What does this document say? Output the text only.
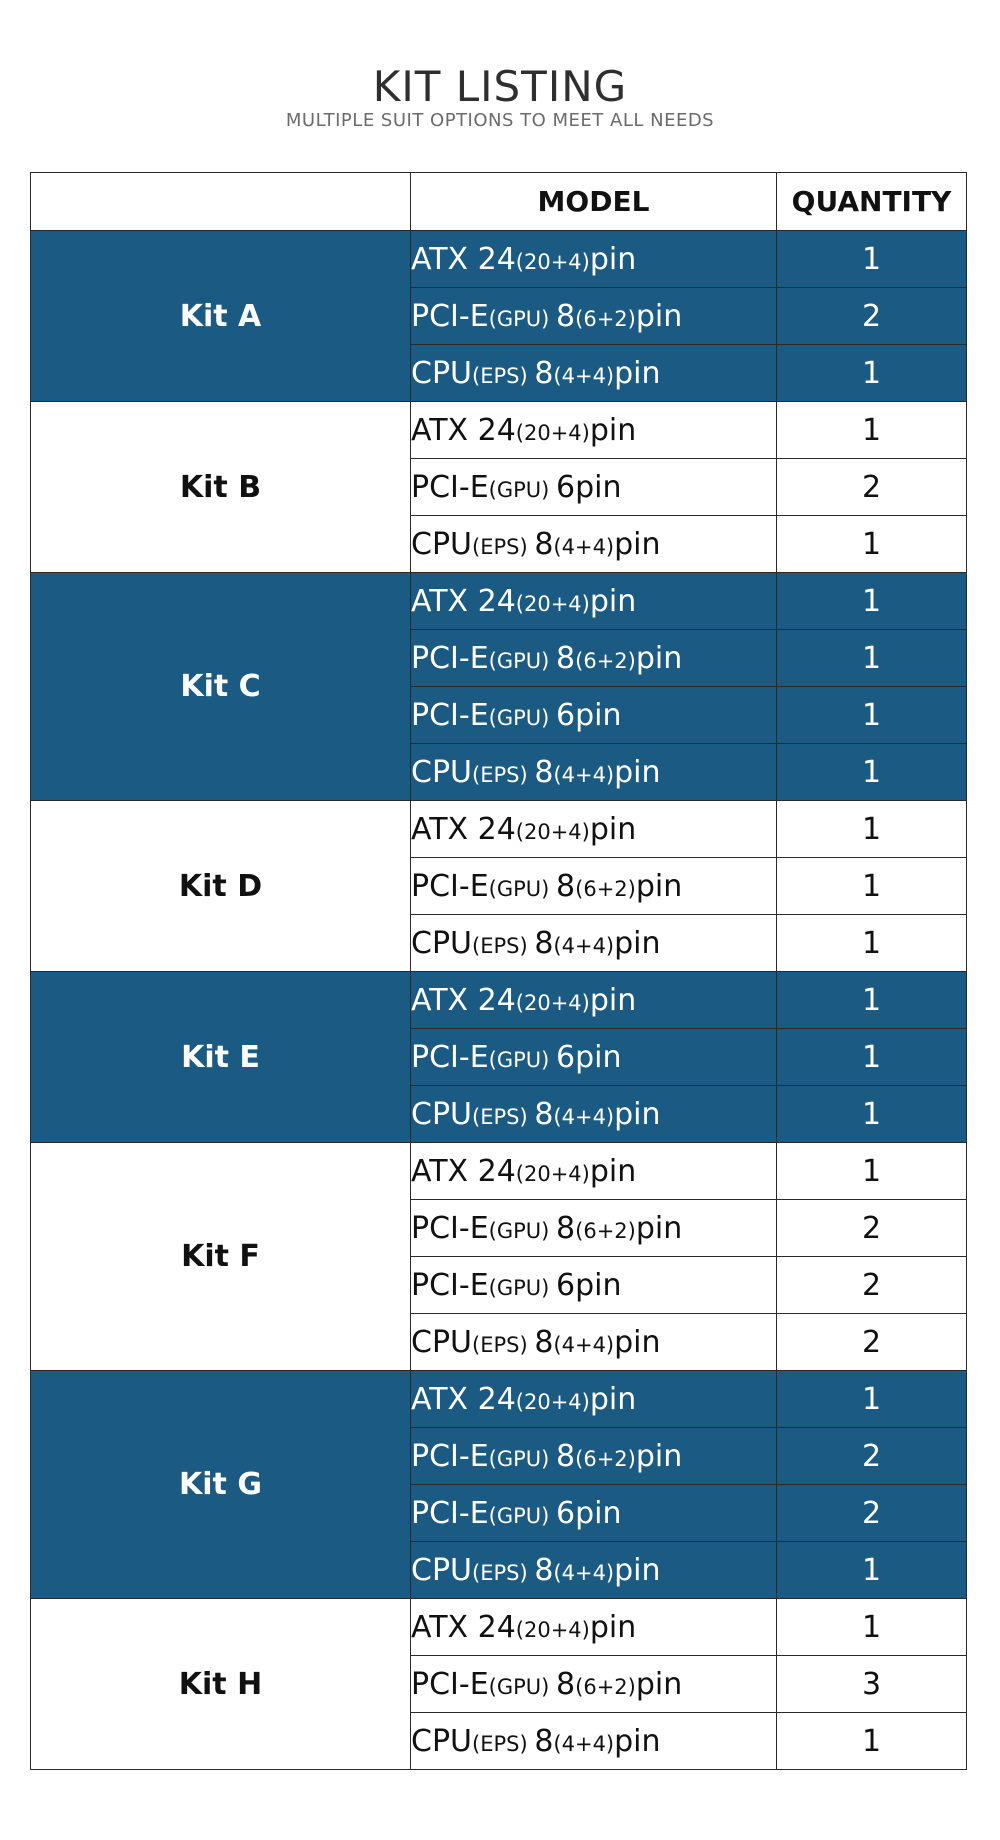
KIT LISTING
MULTIPLE SUIT OPTIONS TO MEET ALL NEEDS
	MODEL	QUANTITY
Kit A	ATX 24(20+4)pin	1
	PCI-E(GPU) 8(6+2)pin	2
	CPU(EPS) 8(4+4)pin	1
Kit B	ATX 24(20+4)pin	1
	PCI-E(GPU) 6pin	2
	CPU(EPS) 8(4+4)pin	1
Kit C	ATX 24(20+4)pin	1
	PCI-E(GPU) 8(6+2)pin	1
	PCI-E(GPU) 6pin	1
	CPU(EPS) 8(4+4)pin	1
Kit D	ATX 24(20+4)pin	1
	PCI-E(GPU) 8(6+2)pin	1
	CPU(EPS) 8(4+4)pin	1
Kit E	ATX 24(20+4)pin	1
	PCI-E(GPU) 6pin	1
	CPU(EPS) 8(4+4)pin	1
Kit F	ATX 24(20+4)pin	1
	PCI-E(GPU) 8(6+2)pin	2
	PCI-E(GPU) 6pin	2
	CPU(EPS) 8(4+4)pin	2
Kit G	ATX 24(20+4)pin	1
	PCI-E(GPU) 8(6+2)pin	2
	PCI-E(GPU) 6pin	2
	CPU(EPS) 8(4+4)pin	1
Kit H	ATX 24(20+4)pin	1
	PCI-E(GPU) 8(6+2)pin	3
	CPU(EPS) 8(4+4)pin	1
